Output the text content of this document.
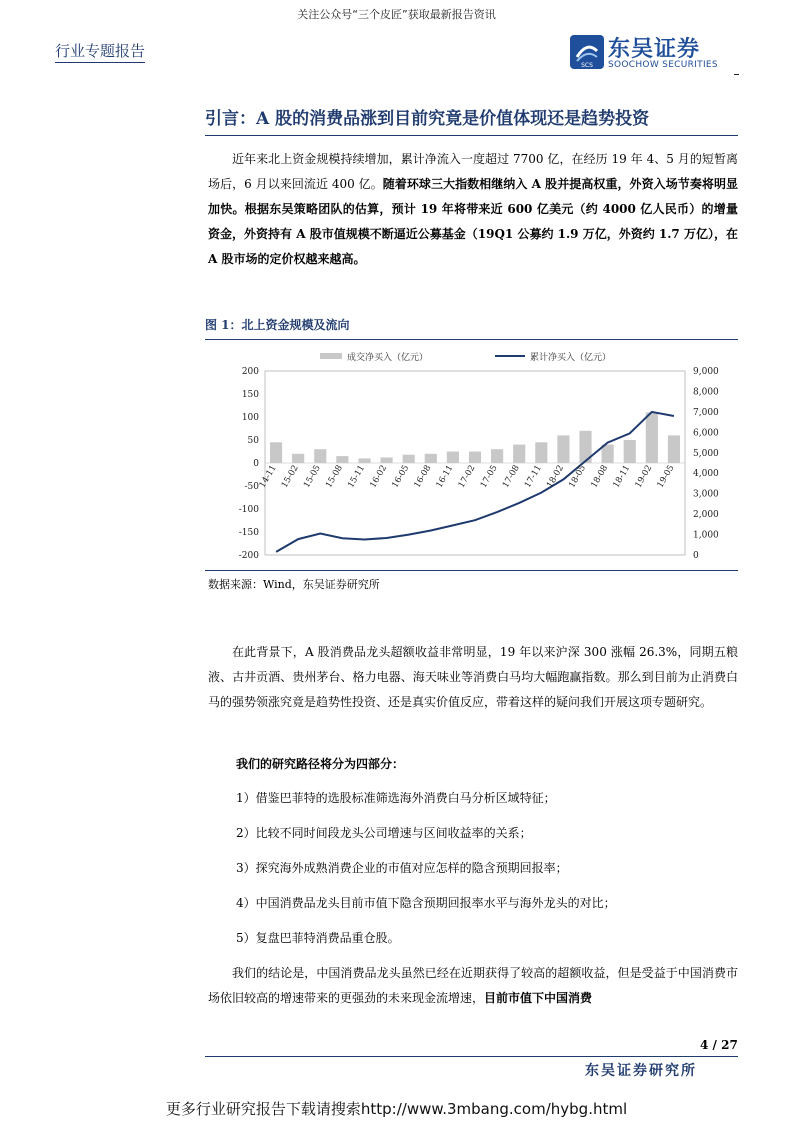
关注公众号“三个皮匠”获取最新报告资讯
行业专题报告
SCS
东吴证券
SOOCHOW SECURITIES
引言：A 股的消费品涨到目前究竟是价值体现还是趋势投资

近年来北上资金规模持续增加，累计净流入一度超过 7700 亿，在经历 19 年 4、5 月的短暂离场后，6 月以来回流近 400 亿。随着环球三大指数相继纳入 A 股并提高权重，外资入场节奏将明显加快。根据东吴策略团队的估算，预计 19 年将带来近 600 亿美元（约 4000 亿人民币）的增量资金，外资持有 A 股市值规模不断逼近公募基金（19Q1 公募约 1.9 万亿，外资约 1.7 万亿），在 A 股市场的定价权越来越高。

图 1：北上资金规模及流向
成交净买入（亿元）	累计净买入（亿元）
200
150
100
50
0
-50
-100
-150
-200
9,000
8,000
7,000
6,000
5,000
4,000
3,000
2,000
1,000
0
14-11 15-02 15-05 15-08 15-11 16-02 16-05 16-08 16-11 17-02 17-05 17-08 17-11 18-02 18-05 18-08 18-11 19-02 19-05
数据来源：Wind，东吴证券研究所

在此背景下，A 股消费品龙头超额收益非常明显，19 年以来沪深 300 涨幅 26.3%，同期五粮液、古井贡酒、贵州茅台、格力电器、海天味业等消费白马均大幅跑赢指数。那么到目前为止消费白马的强势领涨究竟是趋势性投资、还是真实价值反应，带着这样的疑问我们开展这项专题研究。

我们的研究路径将分为四部分：
1）借鉴巴菲特的选股标准筛选海外消费白马分析区域特征；
2）比较不同时间段龙头公司增速与区间收益率的关系；
3）探究海外成熟消费企业的市值对应怎样的隐含预期回报率；
4）中国消费品龙头目前市值下隐含预期回报率水平与海外龙头的对比；
5）复盘巴菲特消费品重仓股。

我们的结论是，中国消费品龙头虽然已经在近期获得了较高的超额收益，但是受益于中国消费市场依旧较高的增速带来的更强劲的未来现金流增速，目前市值下中国消费

4 / 27
东吴证券研究所
更多行业研究报告下载请搜索http://www.3mbang.com/hybg.html
